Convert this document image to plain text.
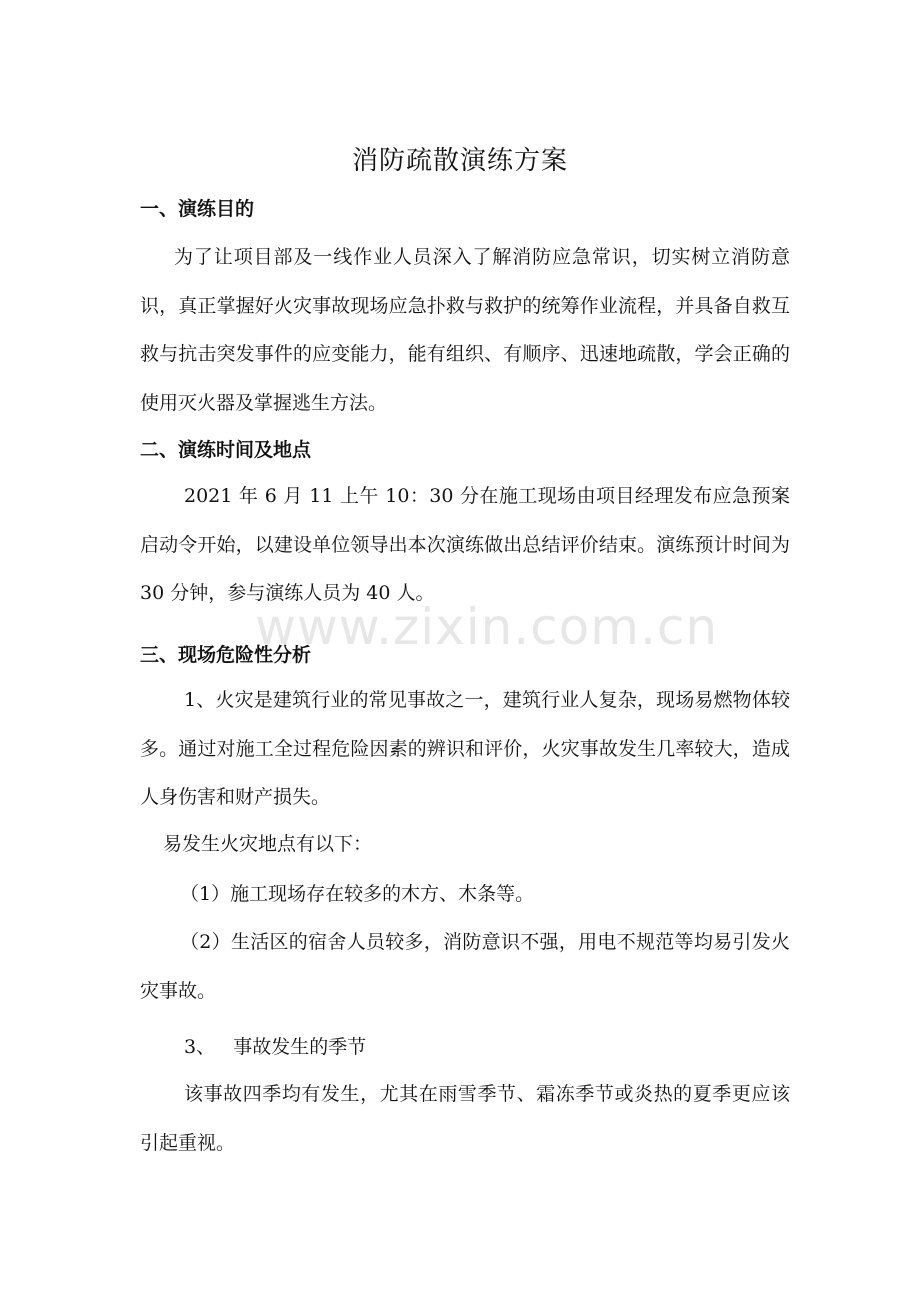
消防疏散演练方案
一、演练目的
为了让项目部及一线作业人员深入了解消防应急常识，切实树立消防意识，真正掌握好火灾事故现场应急扑救与救护的统筹作业流程，并具备自救互救与抗击突发事件的应变能力，能有组织、有顺序、迅速地疏散，学会正确的使用灭火器及掌握逃生方法。
二、演练时间及地点
2021 年 6 月 11 上午 10：30 分在施工现场由项目经理发布应急预案启动令开始，以建设单位领导出本次演练做出总结评价结束。演练预计时间为 30 分钟，参与演练人员为 40 人。
三、现场危险性分析
1、火灾是建筑行业的常见事故之一，建筑行业人复杂，现场易燃物体较多。通过对施工全过程危险因素的辨识和评价，火灾事故发生几率较大，造成人身伤害和财产损失。
易发生火灾地点有以下：
（1）施工现场存在较多的木方、木条等。
（2）生活区的宿舍人员较多，消防意识不强，用电不规范等均易引发火灾事故。
3、   事故发生的季节
该事故四季均有发生，尤其在雨雪季节、霜冻季节或炎热的夏季更应该引起重视。
www.zixin.com.cn
